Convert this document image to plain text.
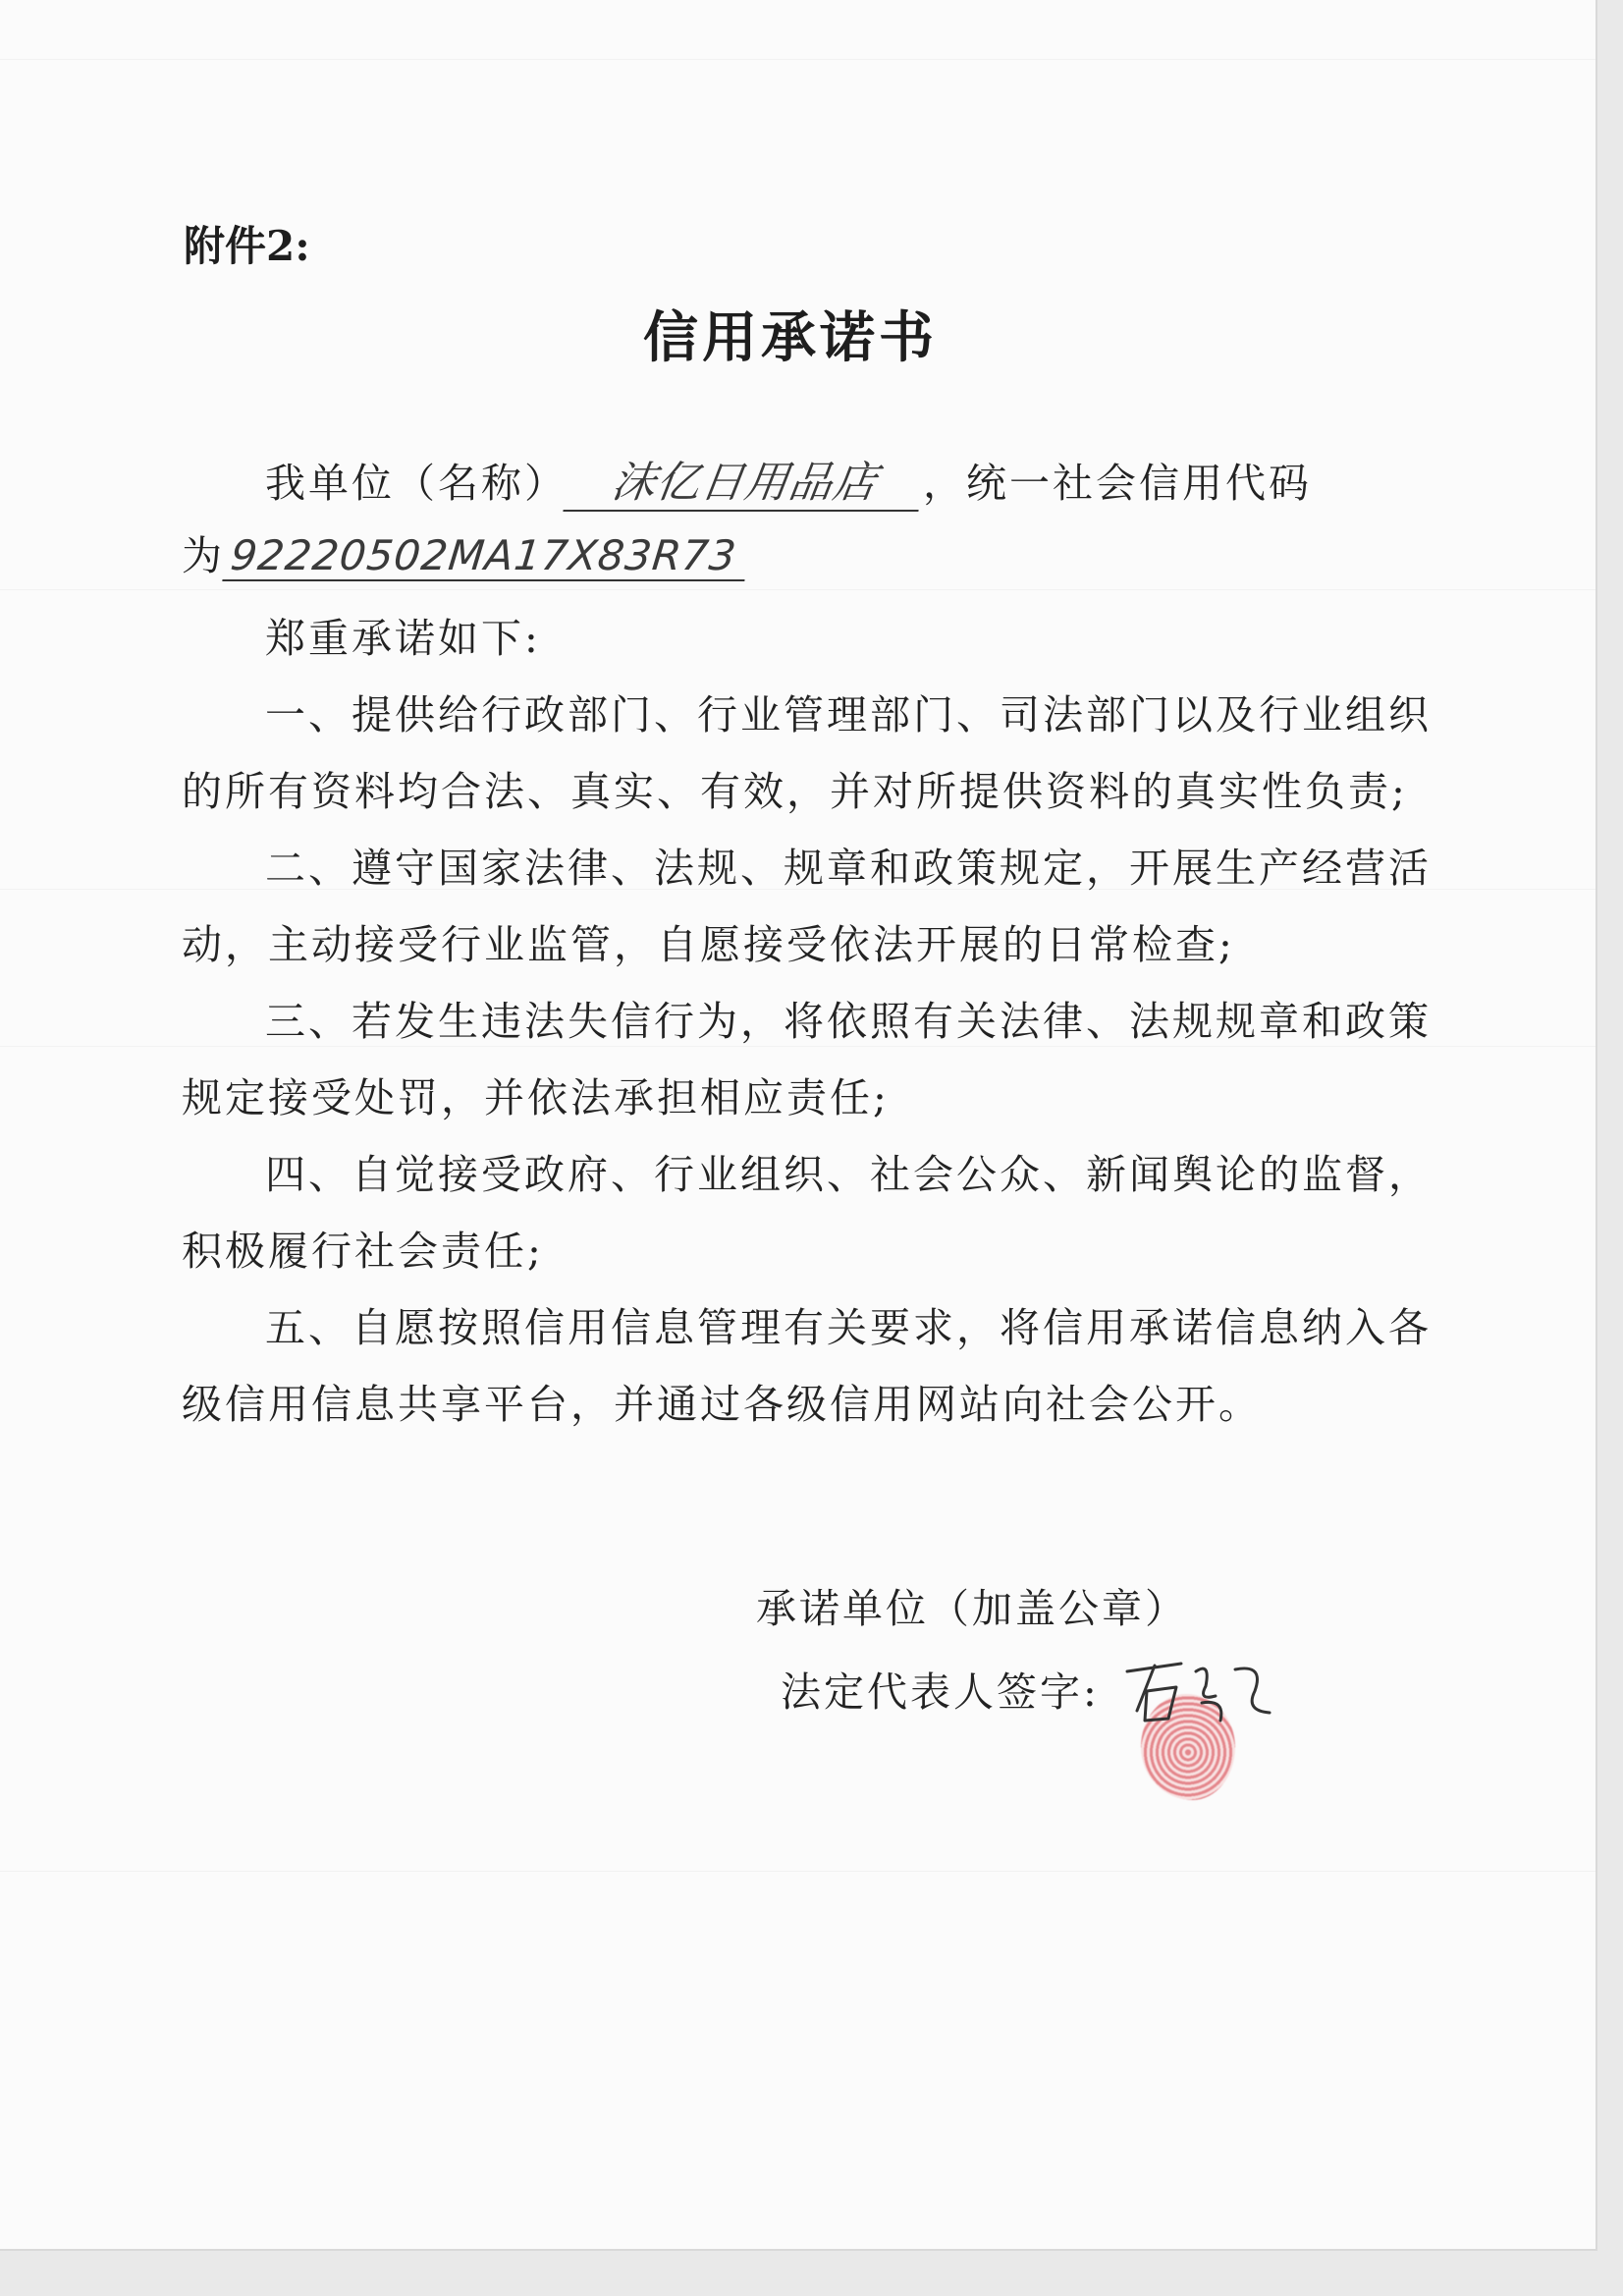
附件2:
信用承诺书
我单位（名称） 沫亿日用品店 ，统一社会信用代码
为92220502MA17X83R73
郑重承诺如下:
一、提供给行政部门、行业管理部门、司法部门以及行业组织
的所有资料均合法、真实、有效，并对所提供资料的真实性负责;
二、遵守国家法律、法规、规章和政策规定，开展生产经营活
动，主动接受行业监管，自愿接受依法开展的日常检查;
三、若发生违法失信行为，将依照有关法律、法规规章和政策
规定接受处罚，并依法承担相应责任;
四、自觉接受政府、行业组织、社会公众、新闻舆论的监督，
积极履行社会责任;
五、自愿按照信用信息管理有关要求，将信用承诺信息纳入各
级信用信息共享平台，并通过各级信用网站向社会公开。
承诺单位（加盖公章）
法定代表人签字:
